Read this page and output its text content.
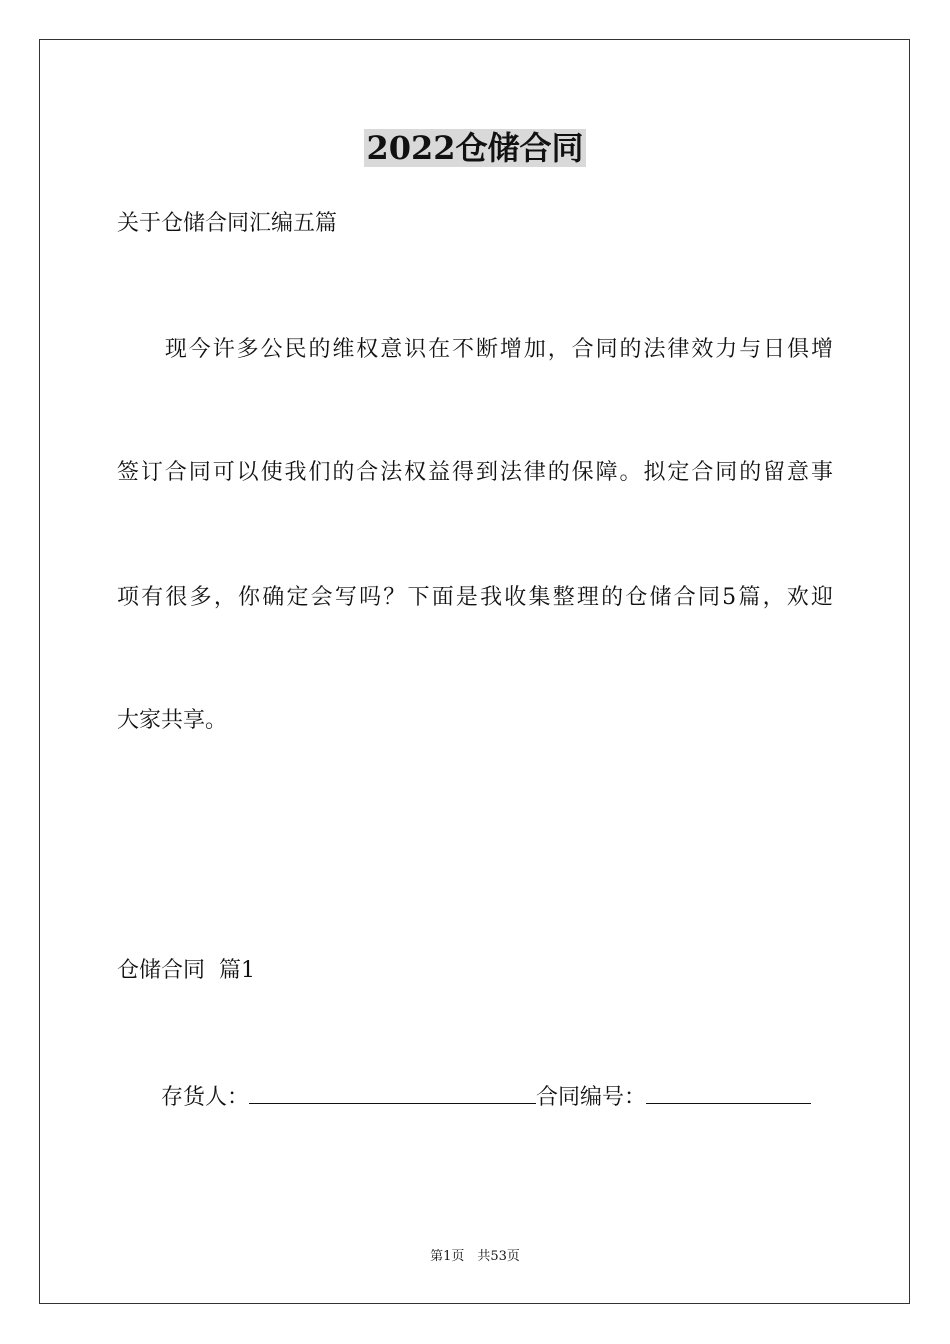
2022仓储合同
关于仓储合同汇编五篇
　　现今许多公民的维权意识在不断增加，合同的法律效力与日俱增
签订合同可以使我们的合法权益得到法律的保障。拟定合同的留意事
项有很多，你确定会写吗？下面是我收集整理的仓储合同5篇，欢迎
大家共享。
仓储合同  篇1
　　存货人：	合同编号：
第1页　共53页
